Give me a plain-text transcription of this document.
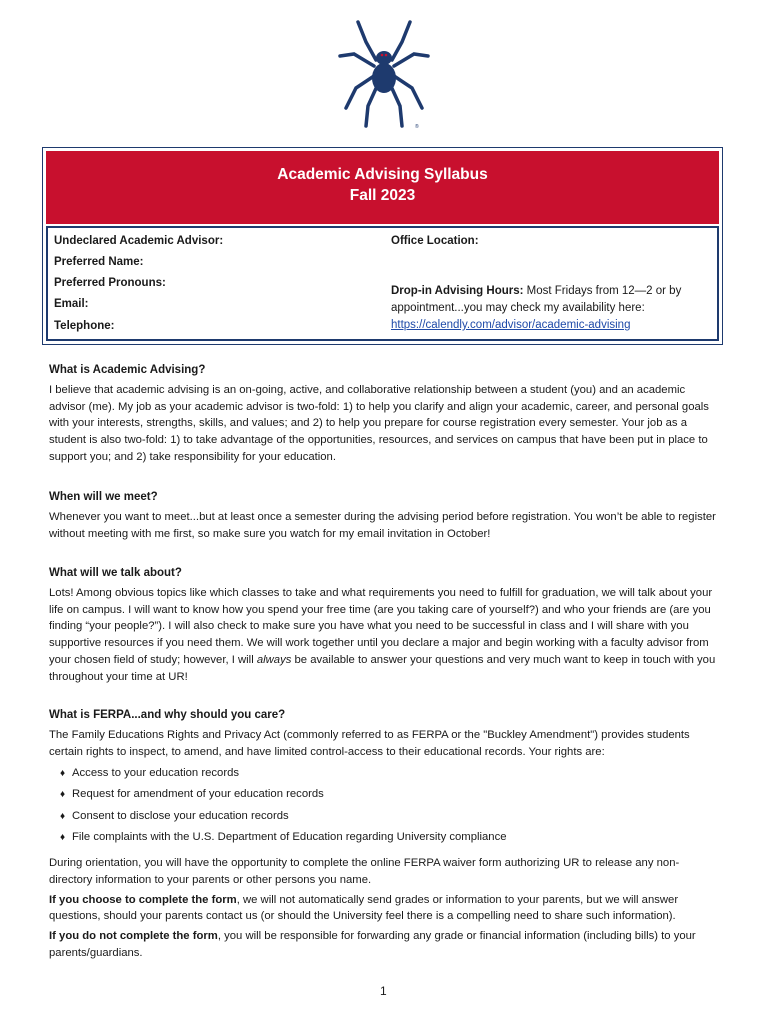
®
Academic Advising Syllabus
Fall 2023
Undeclared Academic Advisor:
Preferred Name:
Preferred Pronouns:
Email:
Telephone:
Office Location:
Drop-in Advising Hours: Most Fridays from 12—2 or by appointment...you may check my availability here:
https://calendly.com/advisor/academic-advising

What is Academic Advising?

I believe that academic advising is an on-going, active, and collaborative relationship between a student (you) and an academic advisor (me). My job as your academic advisor is two-fold: 1) to help you clarify and align your academic, career, and personal goals with your interests, strengths, skills, and values; and 2) to help you prepare for course registration every semester. Your job as a student is also two-fold: 1) to take advantage of the opportunities, resources, and services on campus that have been put in place to support you; and 2) take responsibility for your education.

When will we meet?

Whenever you want to meet...but at least once a semester during the advising period before registration. You won’t be able to register without meeting with me first, so make sure you watch for my email invitation in October!

What will we talk about?

Lots! Among obvious topics like which classes to take and what requirements you need to fulfill for graduation, we will talk about your life on campus. I will want to know how you spend your free time (are you taking care of yourself?) and who your friends are (are you finding “your people?”). I will also check to make sure you have what you need to be successful in class and I will share with you supportive resources if you need them. We will work together until you declare a major and begin working with a faculty advisor from your chosen field of study; however, I will always be available to answer your questions and very much want to keep in touch with you throughout your time at UR!

What is FERPA...and why should you care?

The Family Educations Rights and Privacy Act (commonly referred to as FERPA or the "Buckley Amendment") provides students certain rights to inspect, to amend, and have limited control-access to their educational records. Your rights are:

♦ Access to your education records
♦ Request for amendment of your education records
♦ Consent to disclose your education records
♦ File complaints with the U.S. Department of Education regarding University compliance

During orientation, you will have the opportunity to complete the online FERPA waiver form authorizing UR to release any non-directory information to your parents or other persons you name.

If you choose to complete the form, we will not automatically send grades or information to your parents, but we will answer questions, should your parents contact us (or should the University feel there is a compelling need to share such information).

If you do not complete the form, you will be responsible for forwarding any grade or financial information (including bills) to your parents/guardians.

1
